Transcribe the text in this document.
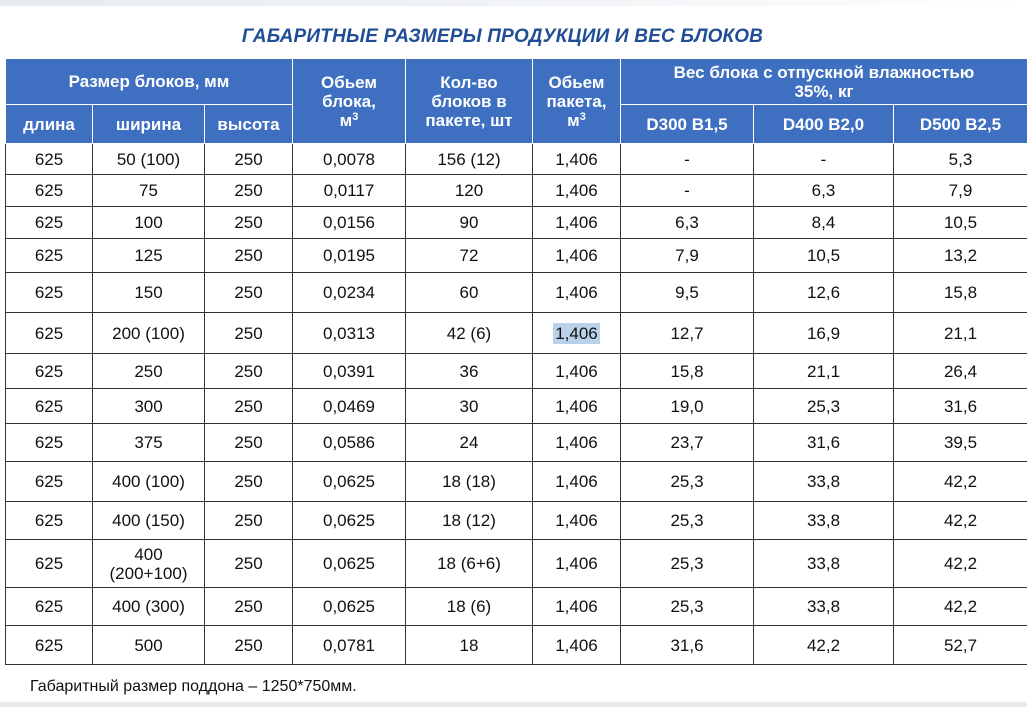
ГАБАРИТНЫЕ РАЗМЕРЫ ПРОДУКЦИИ И ВЕС БЛОКОВ
Размер блоков, мм			Обьем
блока,
$м^3$	Кол-во
блоков в
пакете, шт	Обьем
пакета,
$м^3$	Вес блока с отпускной влажностью
35%, кг		
длина	ширина	высота				D300 B1,5	D400 B2,0	D500 B2,5
625	50 (100)	250	0,0078	156 (12)	1,406	-	-	5,3
625	75	250	0,0117	120	1,406	-	6,3	7,9
625	100	250	0,0156	90	1,406	6,3	8,4	10,5
625	125	250	0,0195	72	1,406	7,9	10,5	13,2
625	150	250	0,0234	60	1,406	9,5	12,6	15,8
625	200 (100)	250	0,0313	42 (6)	1,406	12,7	16,9	21,1
625	250	250	0,0391	36	1,406	15,8	21,1	26,4
625	300	250	0,0469	30	1,406	19,0	25,3	31,6
625	375	250	0,0586	24	1,406	23,7	31,6	39,5
625	400 (100)	250	0,0625	18 (18)	1,406	25,3	33,8	42,2
625	400 (150)	250	0,0625	18 (12)	1,406	25,3	33,8	42,2
625	400
(200+100)	250	0,0625	18 (6+6)	1,406	25,3	33,8	42,2
625	400 (300)	250	0,0625	18 (6)	1,406	25,3	33,8	42,2
625	500	250	0,0781	18	1,406	31,6	42,2	52,7
Габаритный размер поддона – 1250*750мм.
